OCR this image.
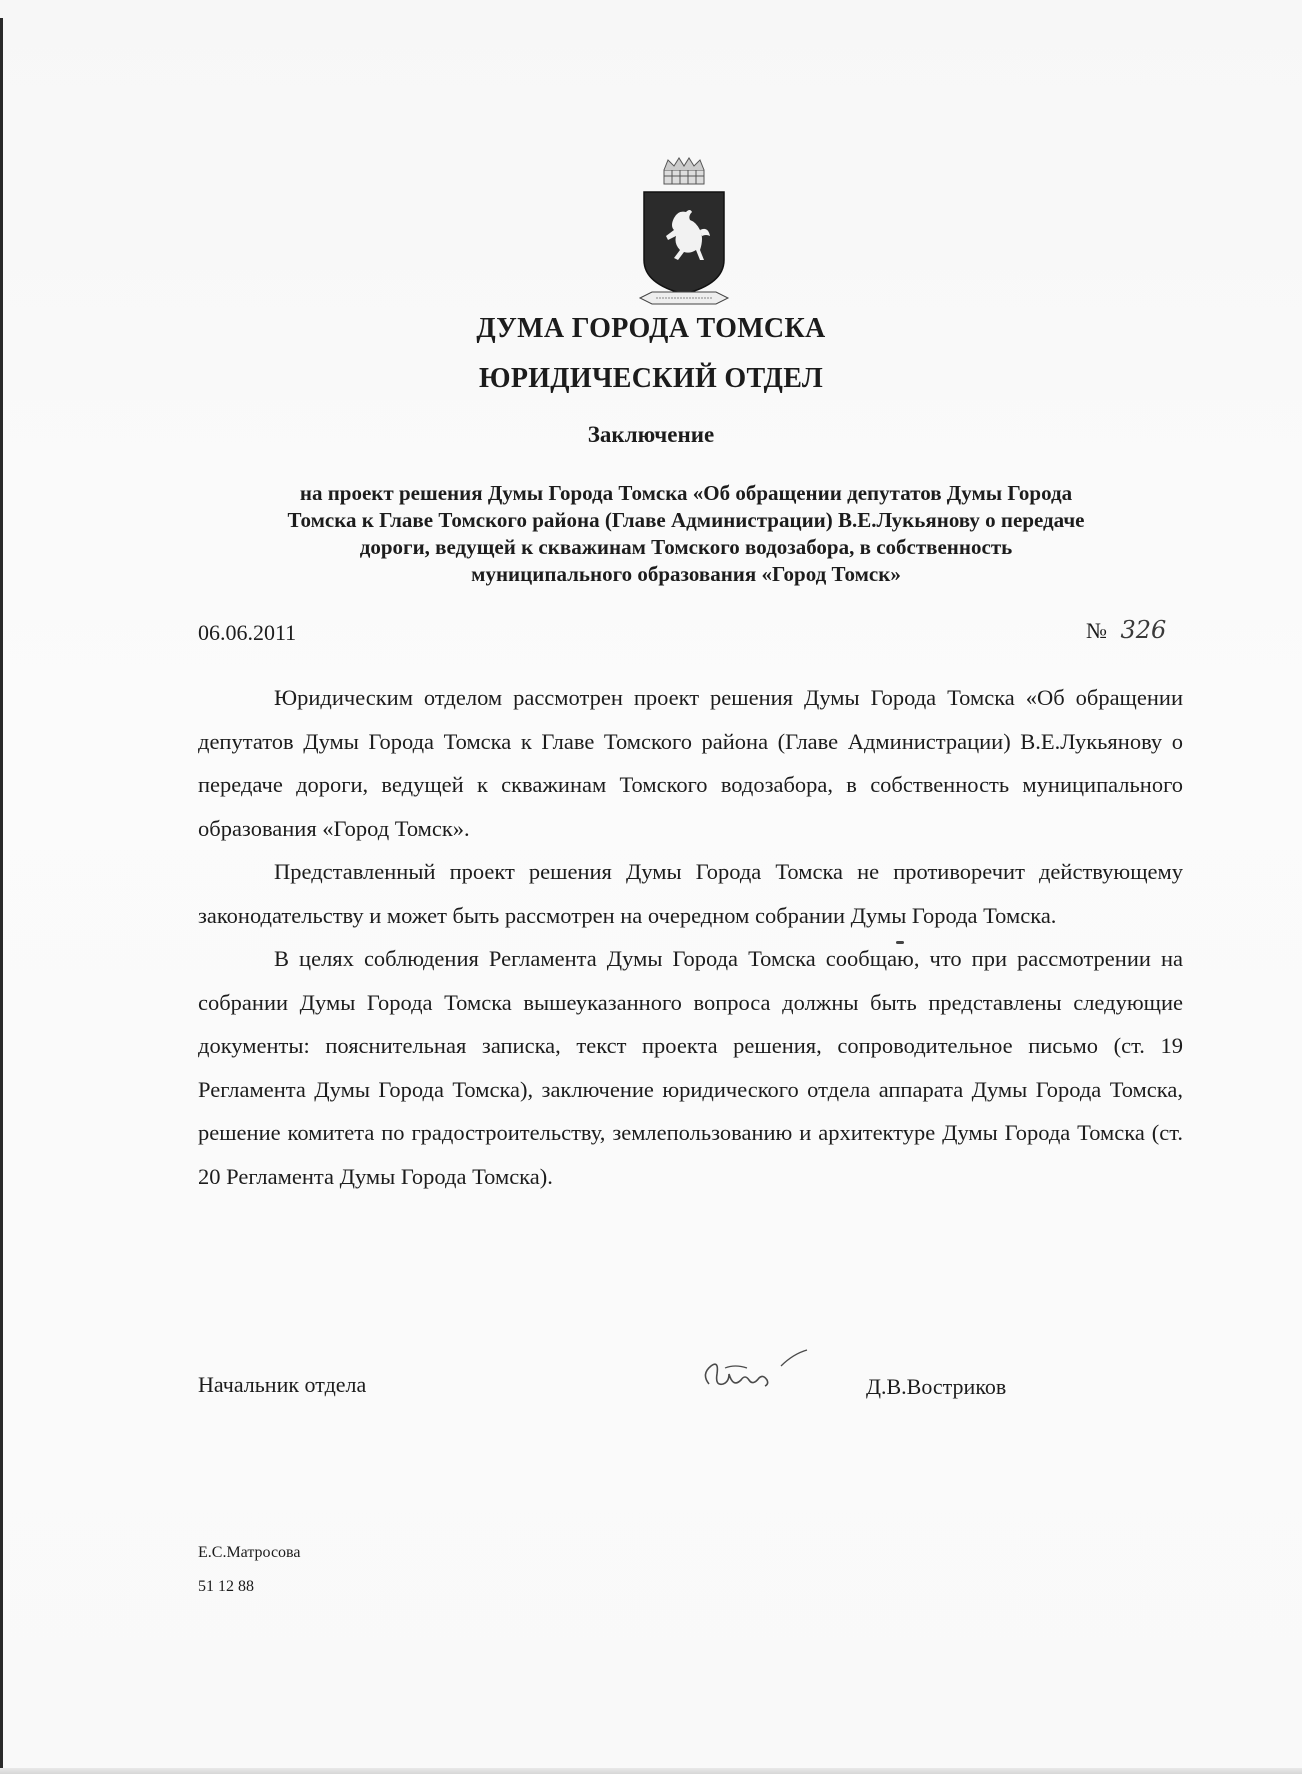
ДУМА ГОРОДА ТОМСКА
ЮРИДИЧЕСКИЙ ОТДЕЛ
Заключение
на проект решения Думы Города Томска «Об обращении депутатов Думы Города
Томска к Главе Томского района (Главе Администрации) В.Е.Лукьянову о передаче
дороги, ведущей к скважинам Томского водозабора, в собственность
муниципального образования «Город Томск»
06.06.2011	№ 326

Юридическим отделом рассмотрен проект решения Думы Города Томска «Об обращении депутатов Думы Города Томска к Главе Томского района (Главе Администрации) В.Е.Лукьянову о передаче дороги, ведущей к скважинам Томского водозабора, в собственность муниципального образования «Город Томск».

Представленный проект решения Думы Города Томска не противоречит действующему законодательству и может быть рассмотрен на очередном собрании Думы Города Томска.

В целях соблюдения Регламента Думы Города Томска сообщаю, что при рассмотрении на собрании Думы Города Томска вышеуказанного вопроса должны быть представлены следующие документы: пояснительная записка, текст проекта решения, сопроводительное письмо (ст. 19 Регламента Думы Города Томска), заключение юридического отдела аппарата Думы Города Томска, решение комитета по градостроительству, землепользованию и архитектуре Думы Города Томска (ст. 20 Регламента Думы Города Томска).

Начальник отдела	Д.В.Востриков
Е.С.Матросова
51 12 88
